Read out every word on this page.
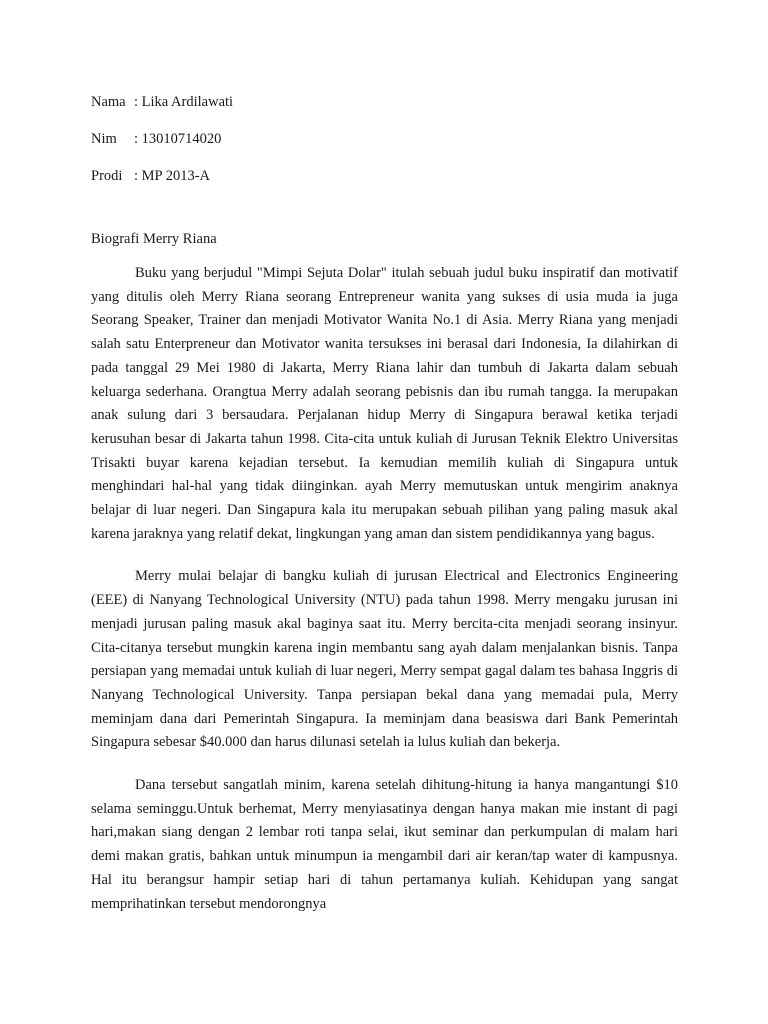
Nama : Lika Ardilawati
Nim : 13010714020
Prodi : MP 2013-A
Biografi Merry Riana

Buku yang berjudul "Mimpi Sejuta Dolar" itulah sebuah judul buku inspiratif dan motivatif yang ditulis oleh Merry Riana seorang Entrepreneur wanita yang sukses di usia muda ia juga Seorang Speaker, Trainer dan menjadi Motivator Wanita No.1 di Asia. Merry Riana yang menjadi salah satu Enterpreneur dan Motivator wanita tersukses ini berasal dari Indonesia, Ia dilahirkan di pada tanggal 29 Mei 1980 di Jakarta, Merry Riana lahir dan tumbuh di Jakarta dalam sebuah keluarga sederhana. Orangtua Merry adalah seorang pebisnis dan ibu rumah tangga. Ia merupakan anak sulung dari 3 bersaudara. Perjalanan hidup Merry di Singapura berawal ketika terjadi kerusuhan besar di Jakarta tahun 1998. Cita-cita untuk kuliah di Jurusan Teknik Elektro Universitas Trisakti buyar karena kejadian tersebut. Ia kemudian memilih kuliah di Singapura untuk menghindari hal-hal yang tidak diinginkan. ayah Merry memutuskan untuk mengirim anaknya belajar di luar negeri. Dan Singapura kala itu merupakan sebuah pilihan yang paling masuk akal karena jaraknya yang relatif dekat, lingkungan yang aman dan sistem pendidikannya yang bagus.

Merry mulai belajar di bangku kuliah di jurusan Electrical and Electronics Engineering (EEE) di Nanyang Technological University (NTU) pada tahun 1998. Merry mengaku jurusan ini menjadi jurusan paling masuk akal baginya saat itu. Merry bercita-cita menjadi seorang insinyur. Cita-citanya tersebut mungkin karena ingin membantu sang ayah dalam menjalankan bisnis. Tanpa persiapan yang memadai untuk kuliah di luar negeri, Merry sempat gagal dalam tes bahasa Inggris di Nanyang Technological University. Tanpa persiapan bekal dana yang memadai pula, Merry meminjam dana dari Pemerintah Singapura. Ia meminjam dana beasiswa dari Bank Pemerintah Singapura sebesar $40.000 dan harus dilunasi setelah ia lulus kuliah dan bekerja.

Dana tersebut sangatlah minim, karena setelah dihitung-hitung ia hanya mangantungi $10 selama seminggu.Untuk berhemat, Merry menyiasatinya dengan hanya makan mie instant di pagi hari,makan siang dengan 2 lembar roti tanpa selai, ikut seminar dan perkumpulan di malam hari demi makan gratis, bahkan untuk minumpun ia mengambil dari air keran/tap water di kampusnya. Hal itu berangsur hampir setiap hari di tahun pertamanya kuliah. Kehidupan yang sangat memprihatinkan tersebut mendorongnya
